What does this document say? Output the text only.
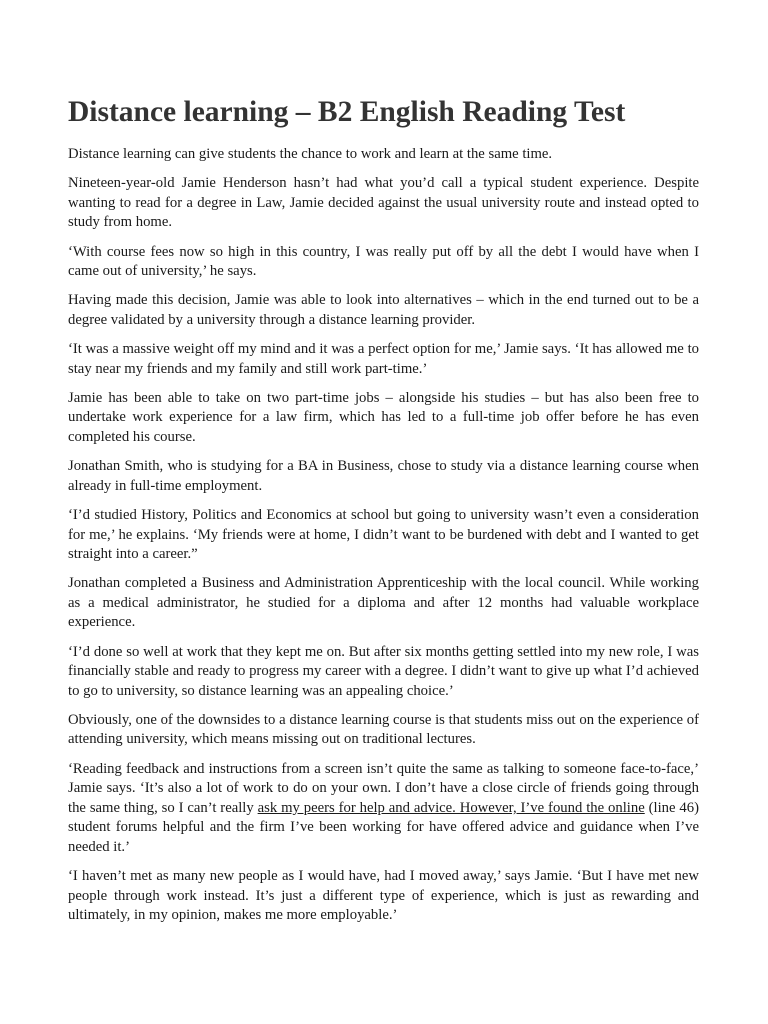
Distance learning – B2 English Reading Test

Distance learning can give students the chance to work and learn at the same time.

Nineteen-year-old Jamie Henderson hasn’t had what you’d call a typical student experience. Despite wanting to read for a degree in Law, Jamie decided against the usual university route and instead opted to study from home.

‘With course fees now so high in this country, I was really put off by all the debt I would have when I came out of university,’ he says.

Having made this decision, Jamie was able to look into alternatives – which in the end turned out to be a degree validated by a university through a distance learning provider.

‘It was a massive weight off my mind and it was a perfect option for me,’ Jamie says. ‘It has allowed me to stay near my friends and my family and still work part-time.’

Jamie has been able to take on two part-time jobs – alongside his studies – but has also been free to undertake work experience for a law firm, which has led to a full-time job offer before he has even completed his course.

Jonathan Smith, who is studying for a BA in Business, chose to study via a distance learning course when already in full-time employment.

‘I’d studied History, Politics and Economics at school but going to university wasn’t even a consideration for me,’ he explains. ‘My friends were at home, I didn’t want to be burdened with debt and I wanted to get straight into a career.”

Jonathan completed a Business and Administration Apprenticeship with the local council. While working as a medical administrator, he studied for a diploma and after 12 months had valuable workplace experience.

‘I’d done so well at work that they kept me on. But after six months getting settled into my new role, I was financially stable and ready to progress my career with a degree. I didn’t want to give up what I’d achieved to go to university, so distance learning was an appealing choice.’

Obviously, one of the downsides to a distance learning course is that students miss out on the experience of attending university, which means missing out on traditional lectures.

‘Reading feedback and instructions from a screen isn’t quite the same as talking to someone face-to-face,’ Jamie says. ‘It’s also a lot of work to do on your own. I don’t have a close circle of friends going through the same thing, so I can’t really ask my peers for help and advice. However, I’ve found the online (line 46) student forums helpful and the firm I’ve been working for have offered advice and guidance when I’ve needed it.’

‘I haven’t met as many new people as I would have, had I moved away,’ says Jamie. ‘But I have met new people through work instead. It’s just a different type of experience, which is just as rewarding and ultimately, in my opinion, makes me more employable.’
